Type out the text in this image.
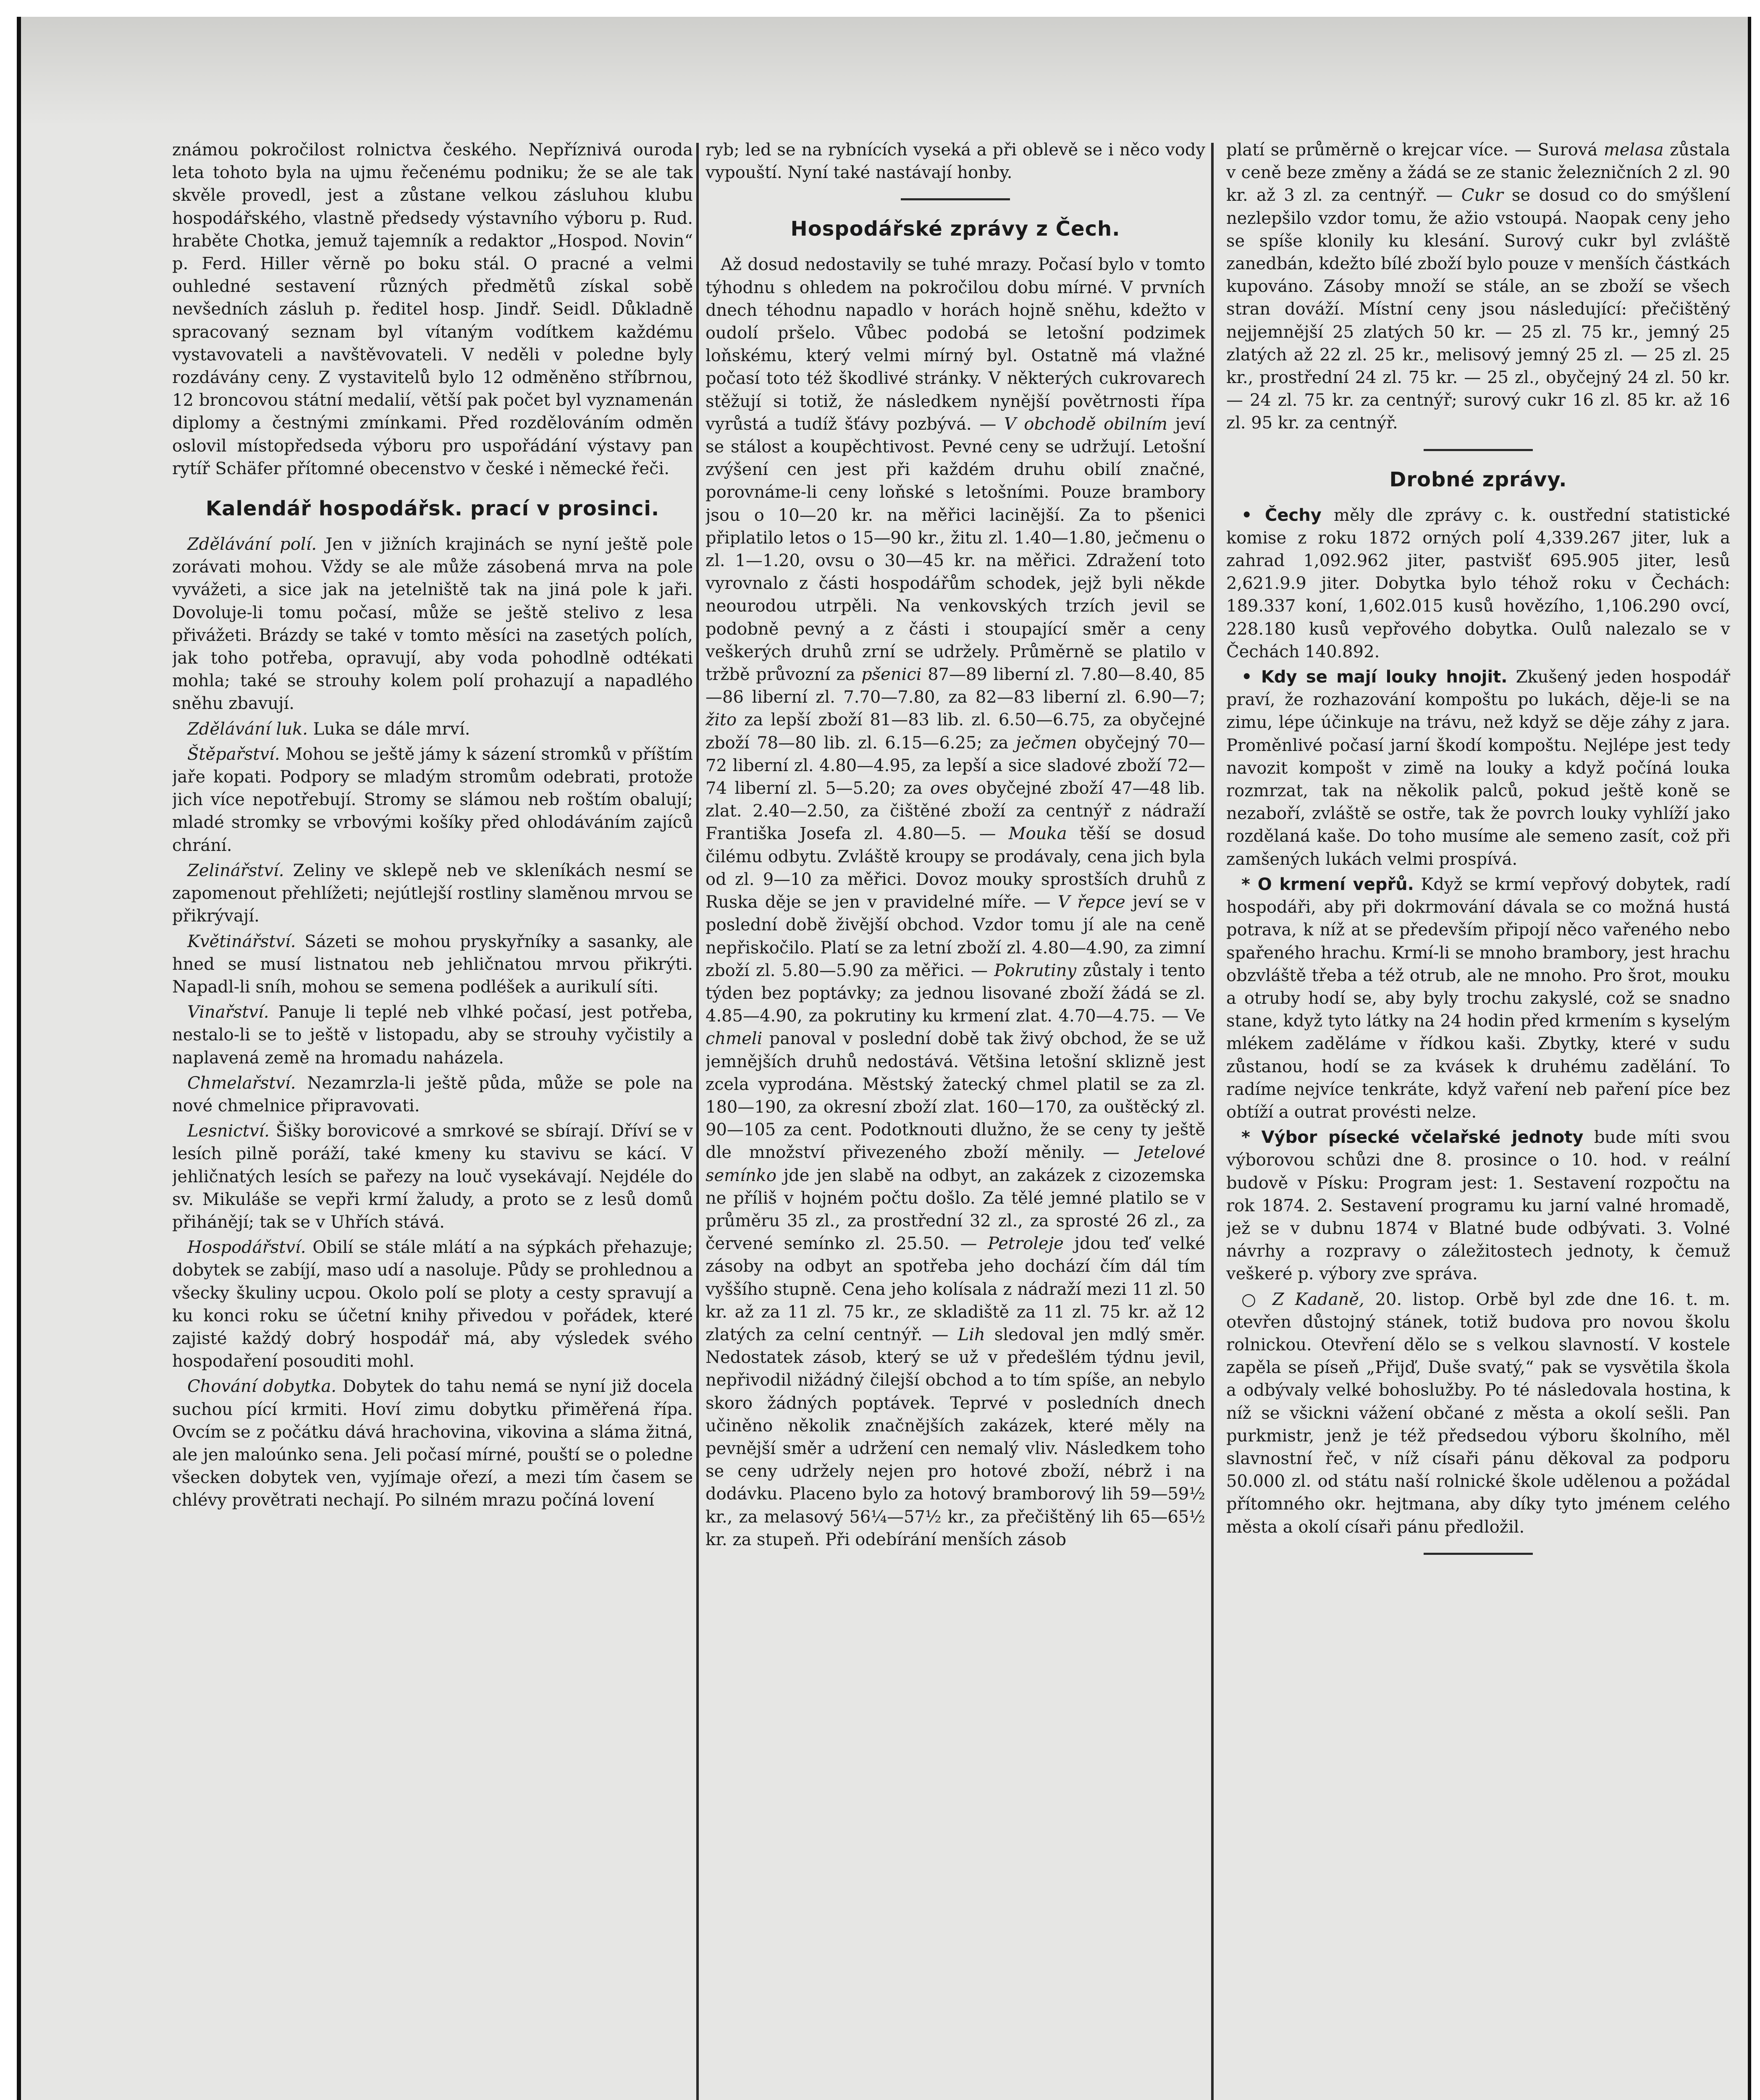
známou pokročilost rolnictva českého. Nepříznivá ouroda leta tohoto byla na ujmu řečenému podniku; že se ale tak skvěle provedl, jest a zůstane velkou zásluhou klubu hospodářského, vlastně předsedy výstavního výboru p. Rud. hraběte Chotka, jemuž tajemník a redaktor „Hospod. Novin“ p. Ferd. Hiller věrně po boku stál. O pracné a velmi ouhledné sestavení různých předmětů získal sobě nevšedních zásluh p. ředitel hosp. Jindř. Seidl. Důkladně spracovaný seznam byl vítaným vodítkem každému vystavovateli a navštěvovateli. V neděli v poledne byly rozdávány ceny. Z vystavitelů bylo 12 odměněno stříbrnou, 12 broncovou státní medalií, větší pak počet byl vyznamenán diplomy a čestnými zmínkami. Před rozdělováním odměn oslovil místopředseda výboru pro uspořádání výstavy pan rytíř Schäfer přítomné obecenstvo v české i německé řeči.

Kalendář hospodářsk. prací v prosinci.

Zdělávání polí. Jen v jižních krajinách se nyní ještě pole zorávati mohou. Vždy se ale může zásobená mrva na pole vyvážeti, a sice jak na jetelniště tak na jiná pole k jaři. Dovoluje-li tomu počasí, může se ještě stelivo z lesa přivážeti. Brázdy se také v tomto měsíci na zasetých polích, jak toho potřeba, opravují, aby voda pohodlně odtékati mohla; také se strouhy kolem polí prohazují a napadlého sněhu zbavují.

Zdělávání luk. Luka se dále mrví.

Štěpařství. Mohou se ještě jámy k sázení stromků v příštím jaře kopati. Podpory se mladým stromům odebrati, protože jich více nepotřebují. Stromy se slámou neb roštím obalují; mladé stromky se vrbovými košíky před ohlodáváním zajíců chrání.

Zelinářství. Zeliny ve sklepě neb ve skleníkách nesmí se zapomenout přehlížeti; nejútlejší rostliny slaměnou mrvou se přikrývají.

Květinářství. Sázeti se mohou pryskyřníky a sasanky, ale hned se musí listnatou neb jehličnatou mrvou přikrýti. Napadl-li sníh, mohou se semena podléšek a aurikulí síti.

Vinařství. Panuje li teplé neb vlhké počasí, jest potřeba, nestalo-li se to ještě v listopadu, aby se strouhy vyčistily a naplavená země na hromadu naházela.

Chmelařství. Nezamrzla-li ještě půda, může se pole na nové chmelnice připravovati.

Lesnictví. Šišky borovicové a smrkové se sbírají. Dříví se v lesích pilně poráží, také kmeny ku stavivu se kácí. V jehličnatých lesích se pařezy na louč vysekávají. Nejdéle do sv. Mikuláše se vepři krmí žaludy, a proto se z lesů domů přihánějí; tak se v Uhřích stává.

Hospodářství. Obilí se stále mlátí a na sýpkách přehazuje; dobytek se zabíjí, maso udí a nasoluje. Půdy se prohlednou a všecky škuliny ucpou. Okolo polí se ploty a cesty spravují a ku konci roku se účetní knihy přivedou v pořádek, které zajisté každý dobrý hospodář má, aby výsledek svého hospodaření posouditi mohl.

Chování dobytka. Dobytek do tahu nemá se nyní již docela suchou pící krmiti. Hoví zimu dobytku přiměřená řípa. Ovcím se z počátku dává hrachovina, vikovina a sláma žitná, ale jen maloúnko sena. Jeli počasí mírné, pouští se o poledne všecken dobytek ven, vyjímaje ořezí, a mezi tím časem se chlévy provětrati nechají. Po silném mrazu počíná lovení

ryb; led se na rybnících vyseká a při oblevě se i něco vody vypouští. Nyní také nastávají honby.

Hospodářské zprávy z Čech.

Až dosud nedostavily se tuhé mrazy. Počasí bylo v tomto týhodnu s ohledem na pokročilou dobu mírné. V prvních dnech téhodnu napadlo v horách hojně sněhu, kdežto v oudolí pršelo. Vůbec podobá se letošní podzimek loňskému, který velmi mírný byl. Ostatně má vlažné počasí toto též škodlivé stránky. V některých cukrovarech stěžují si totiž, že následkem nynější povětrnosti řípa vyrůstá a tudíž šťávy pozbývá. — V obchodě obilním jeví se stálost a koupěchtivost. Pevné ceny se udržují. Letošní zvýšení cen jest při každém druhu obilí značné, porovnáme-li ceny loňské s letošními. Pouze brambory jsou o 10—20 kr. na měřici lacinější. Za to pšenici připlatilo letos o 15—90 kr., žitu zl. 1.40—1.80, ječmenu o zl. 1—1.20, ovsu o 30—45 kr. na měřici. Zdražení toto vyrovnalo z části hospodářům schodek, jejž byli někde neourodou utrpěli. Na venkovských trzích jevil se podobně pevný a z části i stoupající směr a ceny veškerých druhů zrní se udržely. Průměrně se platilo v tržbě průvozní za pšenici 87—89 liberní zl. 7.80—8.40, 85—86 liberní zl. 7.70—7.80, za 82—83 liberní zl. 6.90—7; žito za lepší zboží 81—83 lib. zl. 6.50—6.75, za obyčejné zboží 78—80 lib. zl. 6.15—6.25; za ječmen obyčejný 70—72 liberní zl. 4.80—4.95, za lepší a sice sladové zboží 72—74 liberní zl. 5—5.20; za oves obyčejné zboží 47—48 lib. zlat. 2.40—2.50, za čištěné zboží za centnýř z nádraží Františka Josefa zl. 4.80—5. — Mouka těší se dosud čilému odbytu. Zvláště kroupy se prodávaly, cena jich byla od zl. 9—10 za měřici. Dovoz mouky sprostších druhů z Ruska děje se jen v pravidelné míře. — V řepce jeví se v poslední době živější obchod. Vzdor tomu jí ale na ceně nepřiskočilo. Platí se za letní zboží zl. 4.80—4.90, za zimní zboží zl. 5.80—5.90 za měřici. — Pokrutiny zůstaly i tento týden bez poptávky; za jednou lisované zboží žádá se zl. 4.85—4.90, za pokrutiny ku krmení zlat. 4.70—4.75. — Ve chmeli panoval v poslední době tak živý obchod, že se už jemnějších druhů nedostává. Většina letošní sklizně jest zcela vyprodána. Městský žatecký chmel platil se za zl. 180—190, za okresní zboží zlat. 160—170, za ouštěcký zl. 90—105 za cent. Podotknouti dlužno, že se ceny ty ještě dle množství přivezeného zboží měnily. — Jetelové semínko jde jen slabě na odbyt, an zakázek z cizozemska ne příliš v hojném počtu došlo. Za tělé jemné platilo se v průměru 35 zl., za prostřední 32 zl., za sprosté 26 zl., za červené semínko zl. 25.50. — Petroleje jdou teď velké zásoby na odbyt an spotřeba jeho dochází čím dál tím vyššího stupně. Cena jeho kolísala z nádraží mezi 11 zl. 50 kr. až za 11 zl. 75 kr., ze skladiště za 11 zl. 75 kr. až 12 zlatých za celní centnýř. — Lih sledoval jen mdlý směr. Nedostatek zásob, který se už v předešlém týdnu jevil, nepřivodil nižádný čilejší obchod a to tím spíše, an nebylo skoro žádných poptávek. Teprvé v posledních dnech učiněno několik značnějších zakázek, které měly na pevnější směr a udržení cen nemalý vliv. Následkem toho se ceny udržely nejen pro hotové zboží, nébrž i na dodávku. Placeno bylo za hotový bramborový lih 59—59½ kr., za melasový 56¼—57½ kr., za přečištěný lih 65—65½ kr. za stupeň. Při odebírání menších zásob

platí se průměrně o krejcar více. — Surová melasa zůstala v ceně beze změny a žádá se ze stanic železničních 2 zl. 90 kr. až 3 zl. za centnýř. — Cukr se dosud co do smýšlení nezlepšilo vzdor tomu, že ažio vstoupá. Naopak ceny jeho se spíše klonily ku klesání. Surový cukr byl zvláště zanedbán, kdežto bílé zboží bylo pouze v menších částkách kupováno. Zásoby množí se stále, an se zboží se všech stran dováží. Místní ceny jsou následující: přečištěný nejjemnější 25 zlatých 50 kr. — 25 zl. 75 kr., jemný 25 zlatých až 22 zl. 25 kr., melisový jemný 25 zl. — 25 zl. 25 kr., prostřední 24 zl. 75 kr. — 25 zl., obyčejný 24 zl. 50 kr. — 24 zl. 75 kr. za centnýř; surový cukr 16 zl. 85 kr. až 16 zl. 95 kr. za centnýř.

Drobné zprávy.

• Čechy měly dle zprávy c. k. oustřední statistické komise z roku 1872 orných polí 4,339.267 jiter, luk a zahrad 1,092.962 jiter, pastvišť 695.905 jiter, lesů 2,621.9.9 jiter. Dobytka bylo téhož roku v Čechách: 189.337 koní, 1,602.015 kusů hovězího, 1,106.290 ovcí, 228.180 kusů vepřového dobytka. Oulů nalezalo se v Čechách 140.892.

• Kdy se mají louky hnojit. Zkušený jeden hospodář praví, že rozhazování kompoštu po lukách, děje-li se na zimu, lépe účinkuje na trávu, než když se děje záhy z jara. Proměnlivé počasí jarní škodí kompoštu. Nejlépe jest tedy navozit kompošt v zimě na louky a když počíná louka rozmrzat, tak na několik palců, pokud ještě koně se nezaboří, zvláště se ostře, tak že povrch louky vyhlíží jako rozdělaná kaše. Do toho musíme ale semeno zasít, což při zamšených lukách velmi prospívá.

* O krmení vepřů. Když se krmí vepřový dobytek, radí hospodáři, aby při dokrmování dávala se co možná hustá potrava, k níž at se především připojí něco vařeného nebo spařeného hrachu. Krmí-li se mnoho brambory, jest hrachu obzvláště třeba a též otrub, ale ne mnoho. Pro šrot, mouku a otruby hodí se, aby byly trochu zakyslé, což se snadno stane, když tyto látky na 24 hodin před krmením s kyselým mlékem zaděláme v řídkou kaši. Zbytky, které v sudu zůstanou, hodí se za kvásek k druhému zadělání. To radíme nejvíce tenkráte, když vaření neb paření píce bez obtíží a outrat provésti nelze.

* Výbor písecké včelařské jednoty bude míti svou výborovou schůzi dne 8. prosince o 10. hod. v reální budově v Písku: Program jest: 1. Sestavení rozpočtu na rok 1874. 2. Sestavení programu ku jarní valné hromadě, jež se v dubnu 1874 v Blatné bude odbývati. 3. Volné návrhy a rozpravy o záležitostech jednoty, k čemuž veškeré p. výbory zve správa.

○ Z Kadaně, 20. listop. Orbě byl zde dne 16. t. m. otevřen důstojný stánek, totiž budova pro novou školu rolnickou. Otevření dělo se s velkou slavností. V kostele zapěla se píseň „Přijď, Duše svatý,“ pak se vysvětila škola a odbývaly velké bohoslužby. Po té následovala hostina, k níž se všickni vážení občané z města a okolí sešli. Pan purkmistr, jenž je též předsedou výboru školního, měl slavnostní řeč, v níž císaři pánu děkoval za podporu 50.000 zl. od státu naší rolnické škole udělenou a požádal přítomného okr. hejtmana, aby díky tyto jménem celého města a okolí císaři pánu předložil.
